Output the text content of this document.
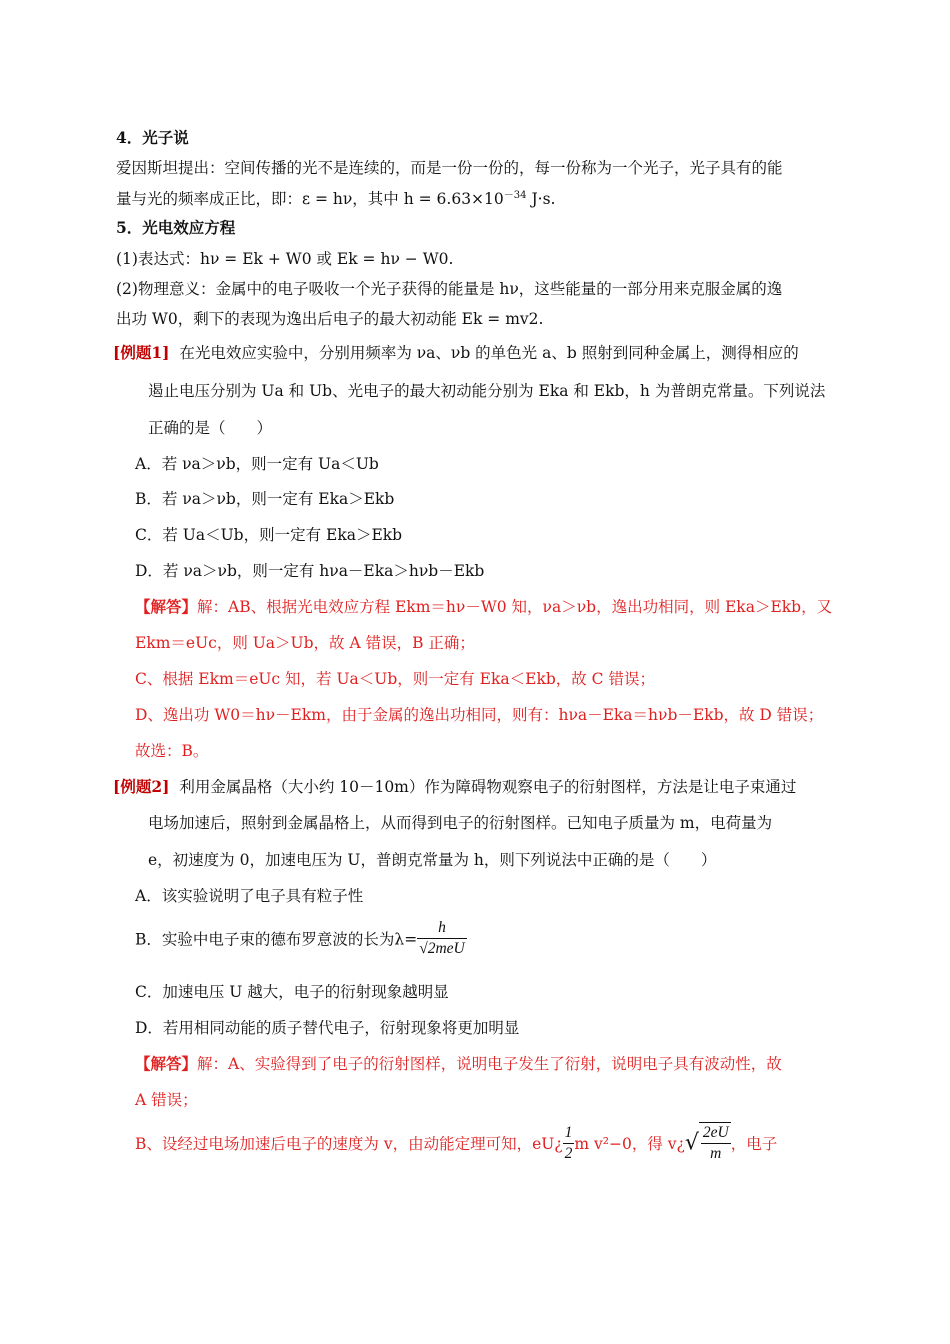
4．光子说
爱因斯坦提出：空间传播的光不是连续的，而是一份一份的，每一份称为一个光子，光子具有的能
量与光的频率成正比，即：ε = hν，其中 $h = 6.63\times 10^{-34}$ J·s.
5．光电效应方程
(1)表达式：hν = Ek + W0 或 Ek = hν − W0.
(2)物理意义：金属中的电子吸收一个光子获得的能量是 hν，这些能量的一部分用来克服金属的逸
出功 W0，剩下的表现为逸出后电子的最大初动能 Ek = mv2.
[例题1] 在光电效应实验中，分别用频率为 νa、νb 的单色光 a、b 照射到同种金属上，测得相应的
遏止电压分别为 Ua 和 Ub、光电子的最大初动能分别为 Eka 和 Ekb，h 为普朗克常量。下列说法
正确的是（　　）
A．若 νa＞νb，则一定有 Ua＜Ub
B．若 νa＞νb，则一定有 Eka＞Ekb
C．若 Ua＜Ub，则一定有 Eka＞Ekb
D．若 νa＞νb，则一定有 hνa－Eka＞hνb－Ekb
【解答】解：AB、根据光电效应方程 Ekm＝hν－W0 知，νa＞νb，逸出功相同，则 Eka＞Ekb，又
Ekm＝eUc，则 Ua＞Ub，故 A 错误，B 正确；
C、根据 Ekm＝eUc 知，若 Ua＜Ub，则一定有 Eka＜Ekb，故 C 错误；
D、逸出功 W0＝hν－Ekm，由于金属的逸出功相同，则有：hνa－Eka＝hνb－Ekb，故 D 错误；
故选：B。
[例题2] 利用金属晶格（大小约 10－10m）作为障碍物观察电子的衍射图样，方法是让电子束通过
电场加速后，照射到金属晶格上，从而得到电子的衍射图样。已知电子质量为 m，电荷量为
e，初速度为 0，加速电压为 U，普朗克常量为 h，则下列说法中正确的是（　　）
A．该实验说明了电子具有粒子性
B．实验中电子束的德布罗意波的长为$\lambda= \frac{h}{\text{√2meU}}$
C．加速电压 U 越大，电子的衍射现象越明显
D．若用相同动能的质子替代电子，衍射现象将更加明显
【解答】解：A、实验得到了电子的衍射图样，说明电子发生了衍射，说明电子具有波动性，故
A 错误；
B、设经过电场加速后电子的速度为 v，由动能定理可知，eU¿ $\frac{1}{2}$ m v²−0，得 v¿√ $\frac{2eU}{m}$ ，电子
